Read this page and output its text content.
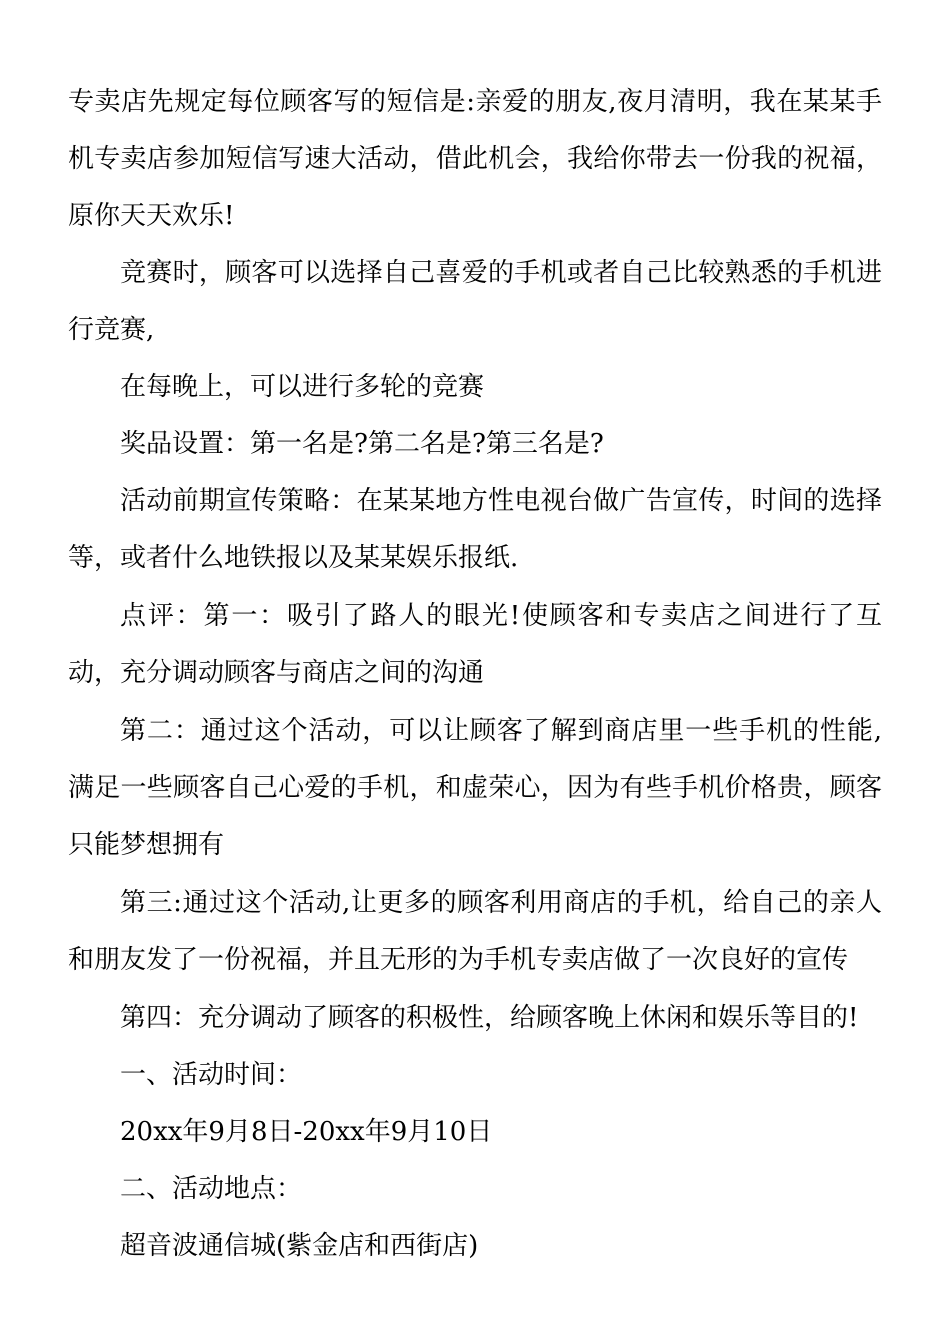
专卖店先规定每位顾客写的短信是:亲爱的朋友,夜月清明，我在某某手机专卖店参加短信写速大活动，借此机会，我给你带去一份我的祝福，原你天天欢乐!

竞赛时，顾客可以选择自己喜爱的手机或者自己比较熟悉的手机进行竞赛,

在每晚上，可以进行多轮的竞赛

奖品设置：第一名是?第二名是?第三名是?

活动前期宣传策略：在某某地方性电视台做广告宣传，时间的选择等，或者什么地铁报以及某某娱乐报纸.

点评：第一：吸引了路人的眼光!使顾客和专卖店之间进行了互动，充分调动顾客与商店之间的沟通

第二：通过这个活动，可以让顾客了解到商店里一些手机的性能,满足一些顾客自己心爱的手机，和虚荣心，因为有些手机价格贵，顾客只能梦想拥有

第三:通过这个活动,让更多的顾客利用商店的手机，给自己的亲人和朋友发了一份祝福，并且无形的为手机专卖店做了一次良好的宣传

第四：充分调动了顾客的积极性，给顾客晚上休闲和娱乐等目的!

一、活动时间：

20xx年9月8日-20xx年9月10日

二、活动地点：

超音波通信城(紫金店和西街店)
